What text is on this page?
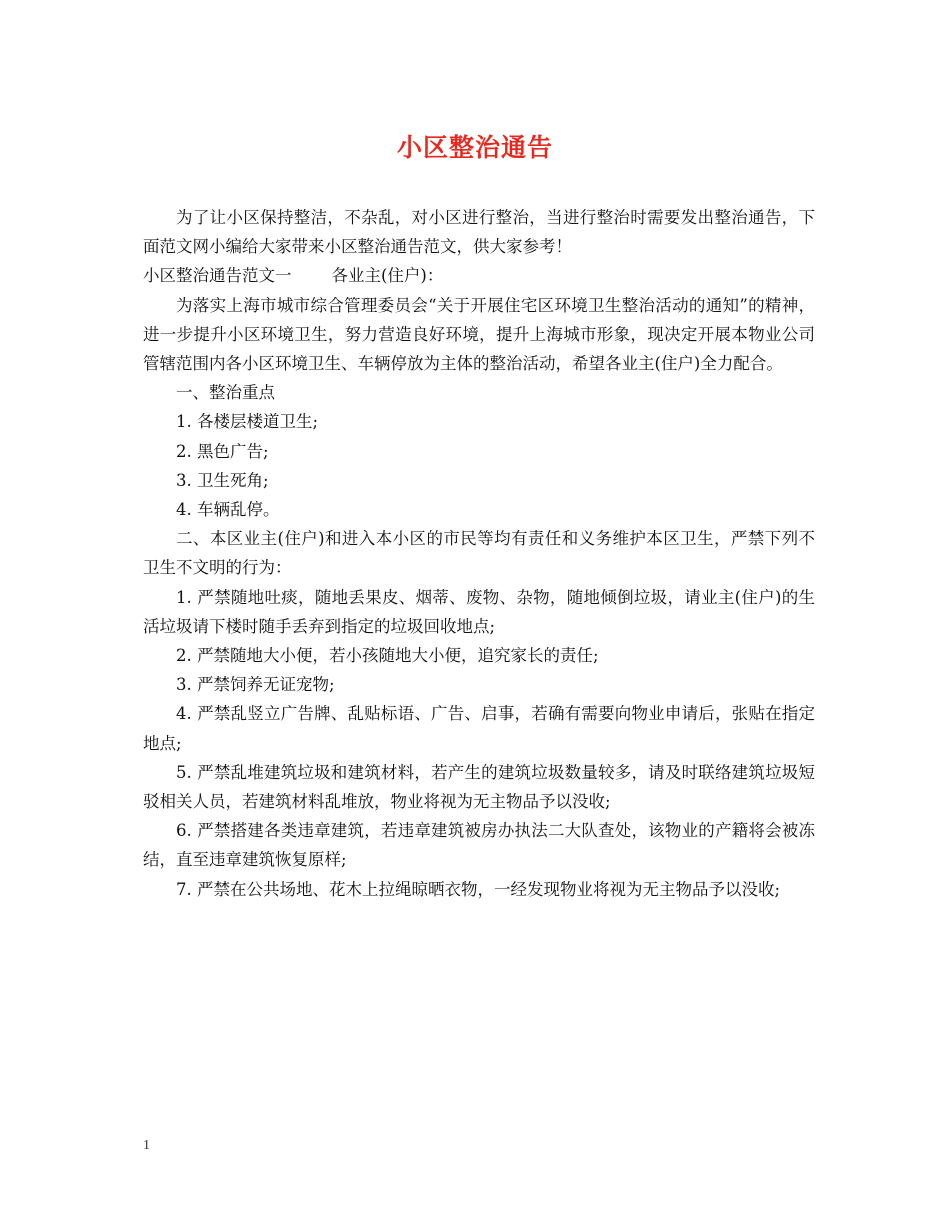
小区整治通告

为了让小区保持整洁，不杂乱，对小区进行整治，当进行整治时需要发出整治通告，下面范文网小编给大家带来小区整治通告范文，供大家参考！

小区整治通告范文一 各业主(住户)：

为落实上海市城市综合管理委员会“关于开展住宅区环境卫生整治活动的通知”的精神，进一步提升小区环境卫生，努力营造良好环境，提升上海城市形象，现决定开展本物业公司管辖范围内各小区环境卫生、车辆停放为主体的整治活动，希望各业主(住户)全力配合。

一、整治重点

1. 各楼层楼道卫生;

2. 黑色广告;

3. 卫生死角;

4. 车辆乱停。

二、本区业主(住户)和进入本小区的市民等均有责任和义务维护本区卫生，严禁下列不卫生不文明的行为：

1. 严禁随地吐痰，随地丢果皮、烟蒂、废物、杂物，随地倾倒垃圾，请业主(住户)的生活垃圾请下楼时随手丢弃到指定的垃圾回收地点;

2. 严禁随地大小便，若小孩随地大小便，追究家长的责任;

3. 严禁饲养无证宠物;

4. 严禁乱竖立广告牌、乱贴标语、广告、启事，若确有需要向物业申请后，张贴在指定地点;

5. 严禁乱堆建筑垃圾和建筑材料，若产生的建筑垃圾数量较多，请及时联络建筑垃圾短驳相关人员，若建筑材料乱堆放，物业将视为无主物品予以没收;

6. 严禁搭建各类违章建筑，若违章建筑被房办执法二大队查处，该物业的产籍将会被冻结，直至违章建筑恢复原样;

7. 严禁在公共场地、花木上拉绳晾晒衣物，一经发现物业将视为无主物品予以没收;

1
